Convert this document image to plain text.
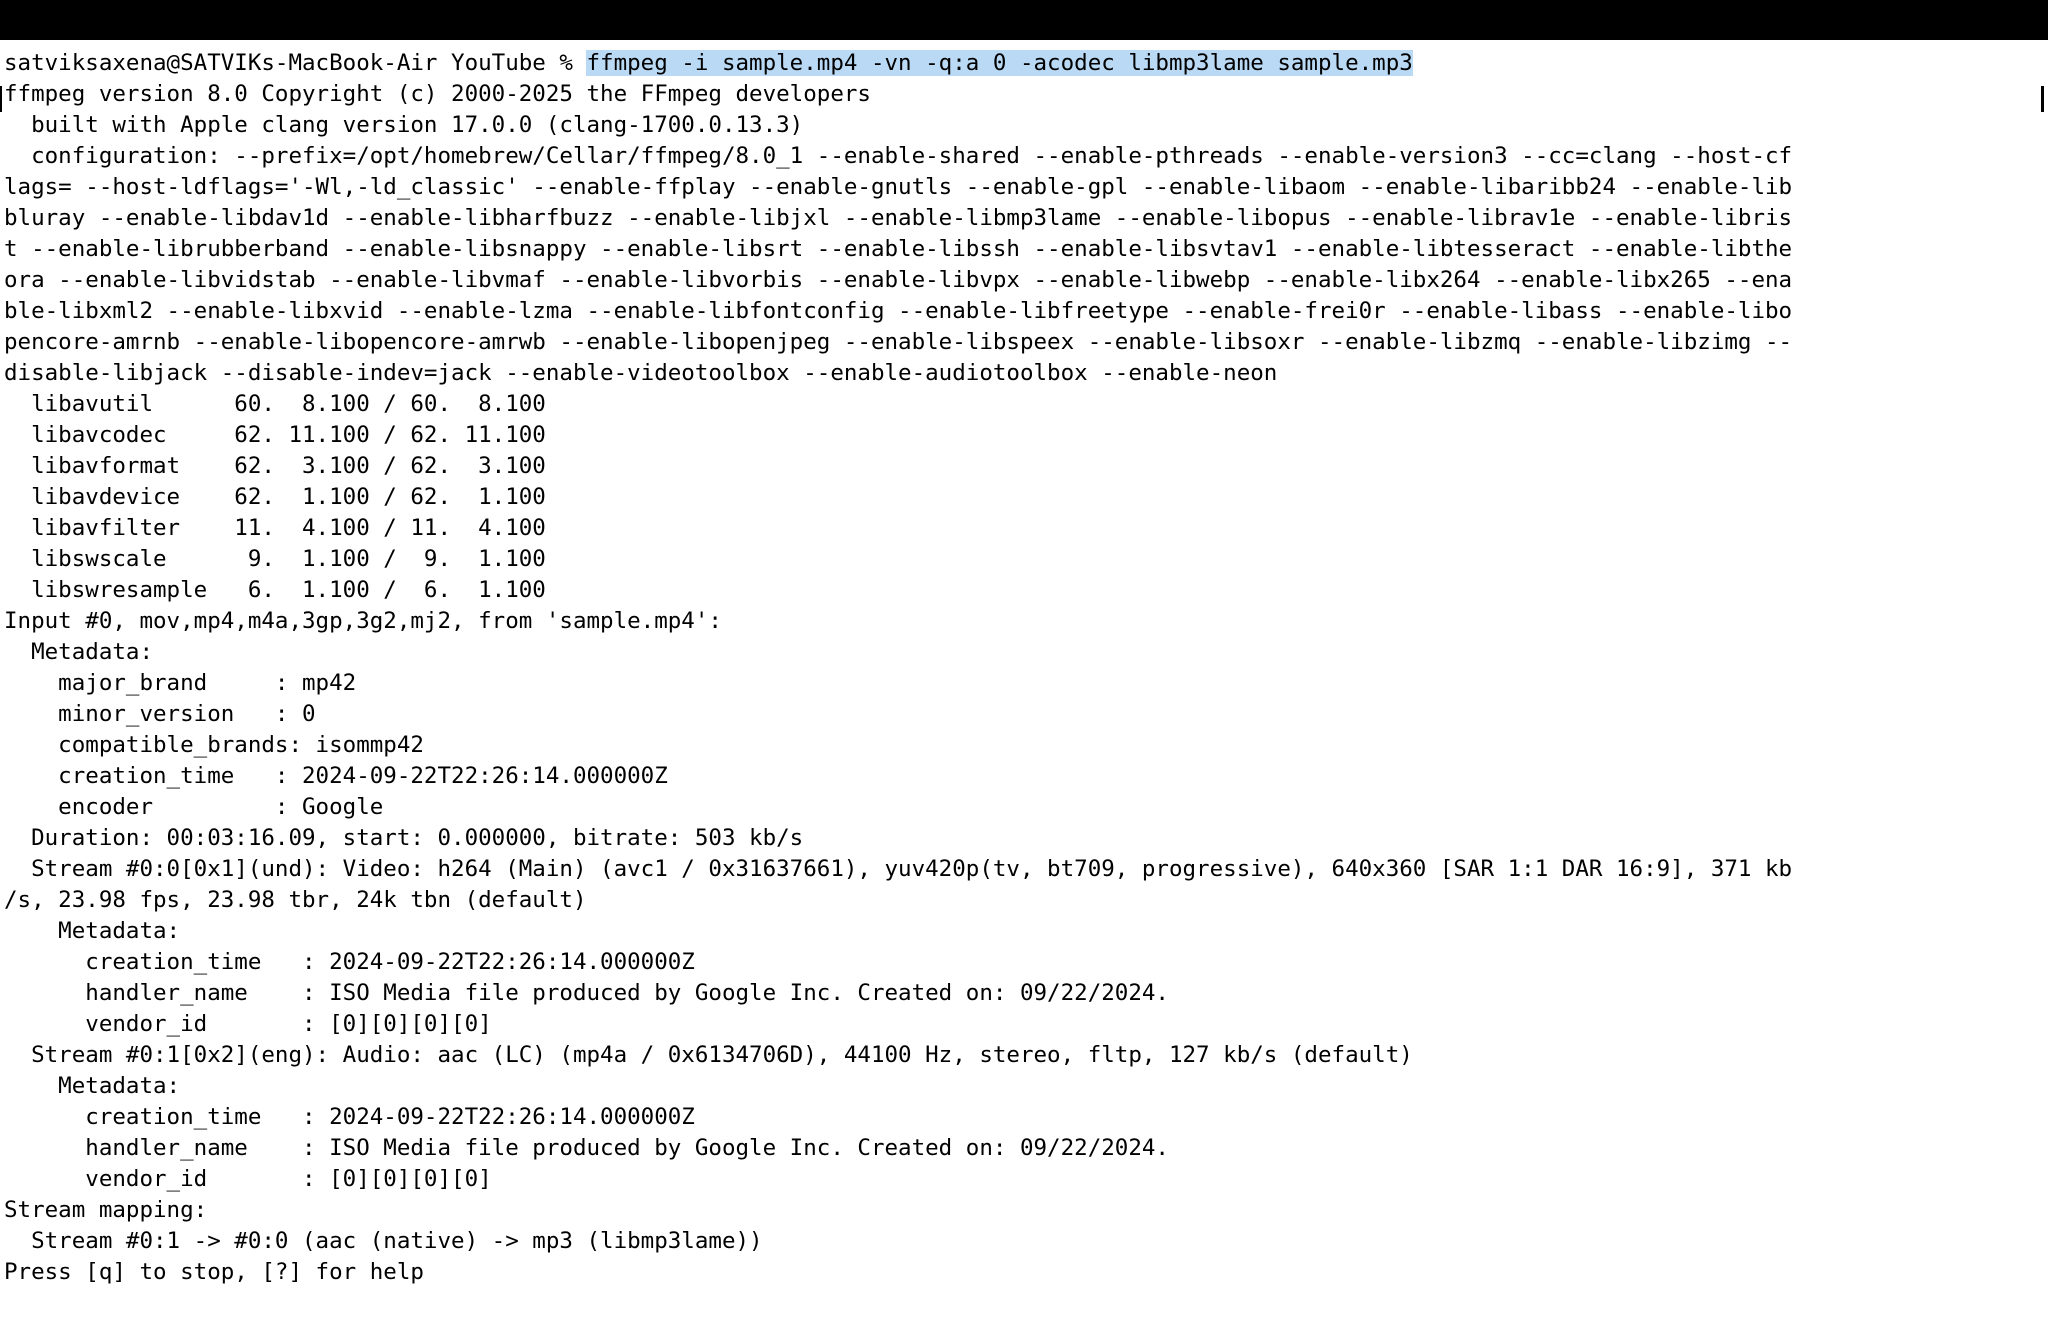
satviksaxena@SATVIKs-MacBook-Air YouTube % ffmpeg -i sample.mp4 -vn -q:a 0 -acodec libmp3lame sample.mp3
ffmpeg version 8.0 Copyright (c) 2000-2025 the FFmpeg developers
built with Apple clang version 17.0.0 (clang-1700.0.13.3)
configuration: --prefix=/opt/homebrew/Cellar/ffmpeg/8.0_1 --enable-shared --enable-pthreads --enable-version3 --cc=clang --host-cf
lags= --host-ldflags='-Wl,-ld_classic' --enable-ffplay --enable-gnutls --enable-gpl --enable-libaom --enable-libaribb24 --enable-lib
bluray --enable-libdav1d --enable-libharfbuzz --enable-libjxl --enable-libmp3lame --enable-libopus --enable-librav1e --enable-libris
t --enable-librubberband --enable-libsnappy --enable-libsrt --enable-libssh --enable-libsvtav1 --enable-libtesseract --enable-libthe
ora --enable-libvidstab --enable-libvmaf --enable-libvorbis --enable-libvpx --enable-libwebp --enable-libx264 --enable-libx265 --ena
ble-libxml2 --enable-libxvid --enable-lzma --enable-libfontconfig --enable-libfreetype --enable-frei0r --enable-libass --enable-libo
pencore-amrnb --enable-libopencore-amrwb --enable-libopenjpeg --enable-libspeex --enable-libsoxr --enable-libzmq --enable-libzimg --
disable-libjack --disable-indev=jack --enable-videotoolbox --enable-audiotoolbox --enable-neon
libavutil      60.  8.100 / 60.  8.100
libavcodec     62. 11.100 / 62. 11.100
libavformat    62.  3.100 / 62.  3.100
libavdevice    62.  1.100 / 62.  1.100
libavfilter    11.  4.100 / 11.  4.100
libswscale      9.  1.100 /  9.  1.100
libswresample   6.  1.100 /  6.  1.100
Input #0, mov,mp4,m4a,3gp,3g2,mj2, from 'sample.mp4':
Metadata:
major_brand     : mp42
minor_version   : 0
compatible_brands: isommp42
creation_time   : 2024-09-22T22:26:14.000000Z
encoder         : Google
Duration: 00:03:16.09, start: 0.000000, bitrate: 503 kb/s
Stream #0:0[0x1](und): Video: h264 (Main) (avc1 / 0x31637661), yuv420p(tv, bt709, progressive), 640x360 [SAR 1:1 DAR 16:9], 371 kb
/s, 23.98 fps, 23.98 tbr, 24k tbn (default)
Metadata:
creation_time   : 2024-09-22T22:26:14.000000Z
handler_name    : ISO Media file produced by Google Inc. Created on: 09/22/2024.
vendor_id       : [0][0][0][0]
Stream #0:1[0x2](eng): Audio: aac (LC) (mp4a / 0x6134706D), 44100 Hz, stereo, fltp, 127 kb/s (default)
Metadata:
creation_time   : 2024-09-22T22:26:14.000000Z
handler_name    : ISO Media file produced by Google Inc. Created on: 09/22/2024.
vendor_id       : [0][0][0][0]
Stream mapping:
Stream #0:1 -> #0:0 (aac (native) -> mp3 (libmp3lame))
Press [q] to stop, [?] for help
